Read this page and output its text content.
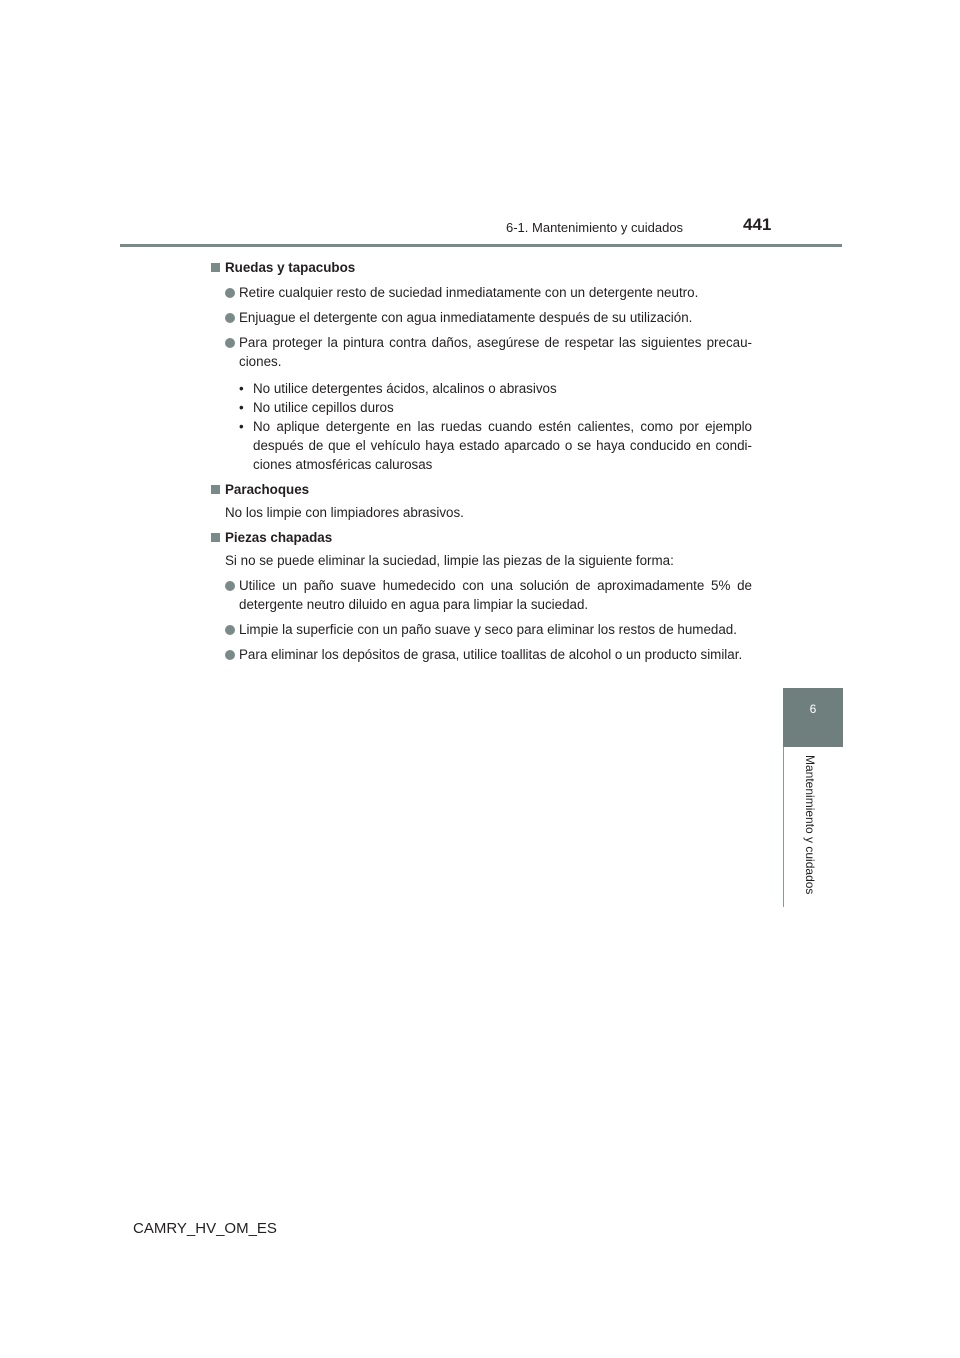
6-1. Mantenimiento y cuidados	441
6
Mantenimiento y cuidados
Ruedas y tapacubos
Retire cualquier resto de suciedad inmediatamente con un detergente neutro.
Enjuague el detergente con agua inmediatamente después de su utilización.
Para proteger la pintura contra daños, asegúrese de respetar las siguientes precau-ciones.
• No utilice detergentes ácidos, alcalinos o abrasivos
• No utilice cepillos duros
• No aplique detergente en las ruedas cuando estén calientes, como por ejemplo después de que el vehículo haya estado aparcado o se haya conducido en condi-ciones atmosféricas calurosas
Parachoques
No los limpie con limpiadores abrasivos.
Piezas chapadas
Si no se puede eliminar la suciedad, limpie las piezas de la siguiente forma:
Utilice un paño suave humedecido con una solución de aproximadamente 5% de detergente neutro diluido en agua para limpiar la suciedad.
Limpie la superficie con un paño suave y seco para eliminar los restos de humedad.
Para eliminar los depósitos de grasa, utilice toallitas de alcohol o un producto similar.
CAMRY_HV_OM_ES
